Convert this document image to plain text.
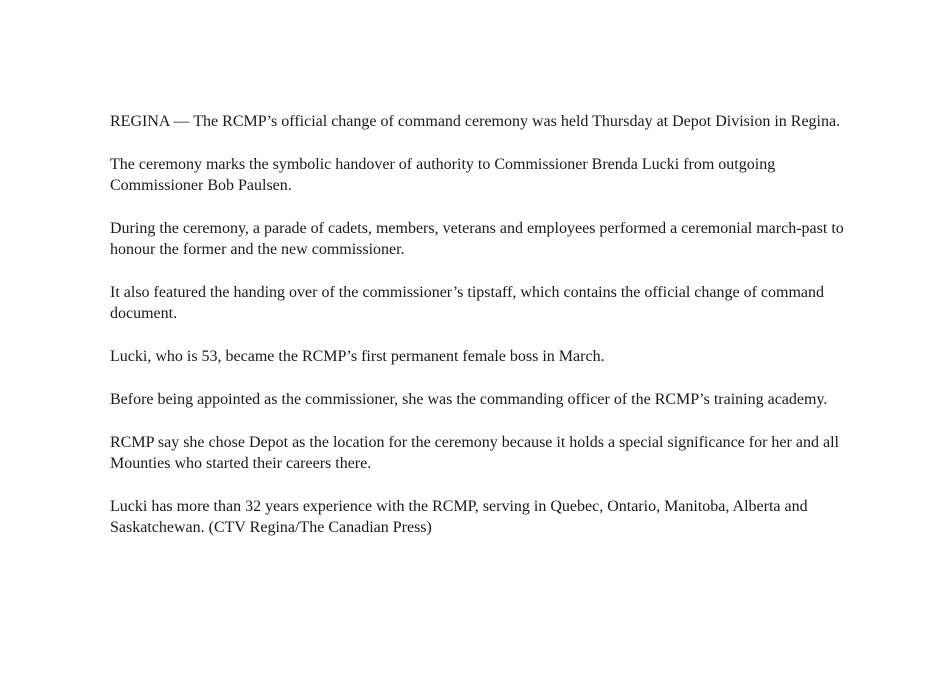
REGINA — The RCMP’s official change of command ceremony was held Thursday at Depot Division in Regina.

The ceremony marks the symbolic handover of authority to Commissioner Brenda Lucki from outgoing Commissioner Bob Paulsen.

During the ceremony, a parade of cadets, members, veterans and employees performed a ceremonial march-past to honour the former and the new commissioner.

It also featured the handing over of the commissioner’s tipstaff, which contains the official change of command document.

Lucki, who is 53, became the RCMP’s first permanent female boss in March.

Before being appointed as the commissioner, she was the commanding officer of the RCMP’s training academy.

RCMP say she chose Depot as the location for the ceremony because it holds a special significance for her and all Mounties who started their careers there.

Lucki has more than 32 years experience with the RCMP, serving in Quebec, Ontario, Manitoba, Alberta and Saskatchewan. (CTV Regina/The Canadian Press)
